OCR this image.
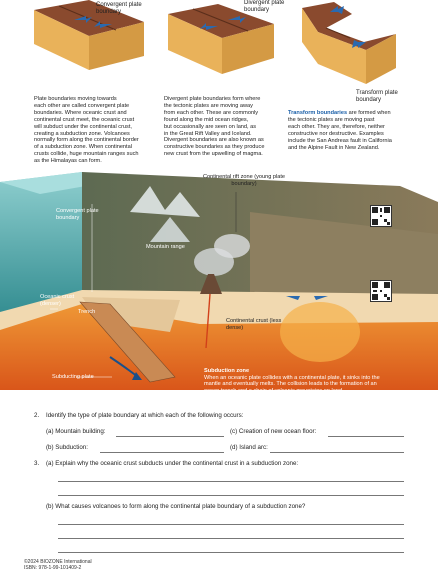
Convergent plate boundary
Divergent plate boundary
Transform plate boundary
Plate boundaries moving towards
each other are called convergent plate
boundaries. Where oceanic crust and
continental crust meet, the oceanic crust
will subduct under the continental crust,
creating a subduction zone. Volcanoes
normally form along the continental border
of a subduction zone. When continental
crusts collide, huge mountain ranges such
as the Himalayas can form.
Divergent plate boundaries form where
the tectonic plates are moving away
from each other. These are commonly
found along the mid ocean ridges,
but occasionally are seen on land, as
in the Great Rift Valley and Iceland.
Divergent boundaries are also known as
constructive boundaries as they produce
new crust from the upwelling of magma.
Transform boundaries are formed when
the tectonic plates are moving past
each other. They are, therefore, neither
constructive nor destructive. Examples
include the San Andreas fault in California
and the Alpine Fault in New Zealand.
Continental rift zone (young plate boundary)
Convergent plate boundary
Mountain range
Oceanic crust (denser)
Trench
Continental crust (less dense)
Subducting plate
Subduction zone
When an oceanic plate collides with a continental plate, it sinks into the
mantle and eventually melts. The collision leads to the formation of an
ocean trench and a chain of volcanic mountains on land.
2. Identify the type of plate boundary at which each of the following occurs:
(a) Mountain building:	(c) Creation of new ocean floor:
(b) Subduction:	(d) Island arc:
3. (a) Explain why the oceanic crust subducts under the continental crust in a subduction zone:
(b) What causes volcanoes to form along the continental plate boundary of a subduction zone?
©2024 BIOZONE International
ISBN: 978-1-99-101409-2
